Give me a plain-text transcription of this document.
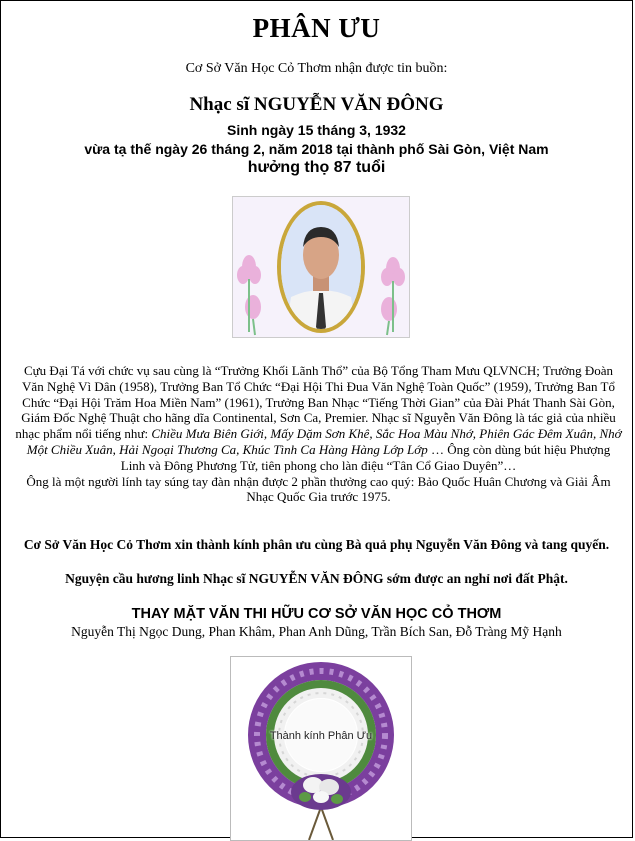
PHÂN ƯU
Cơ Sở Văn Học Cỏ Thơm nhận được tin buồn:
Nhạc sĩ NGUYỄN VĂN ĐÔNG
Sinh ngày 15 tháng 3, 1932
vừa tạ thế ngày 26 tháng 2, năm 2018 tại thành phố Sài Gòn, Việt Nam
hưởng thọ 87 tuổi
Cựu Đại Tá với chức vụ sau cùng là “Trưởng Khối Lãnh Thổ” của Bộ Tổng Tham Mưu QLVNCH; Trưởng Đoàn Văn Nghệ Vì Dân (1958), Trưởng Ban Tổ Chức “Đại Hội Thi Đua Văn Nghệ Toàn Quốc” (1959), Trưởng Ban Tổ Chức “Đại Hội Trăm Hoa Miền Nam” (1961), Trưởng Ban Nhạc “Tiếng Thời Gian” của Đài Phát Thanh Sài Gòn, Giám Đốc Nghệ Thuật cho hãng dĩa Continental, Sơn Ca, Premier. Nhạc sĩ Nguyễn Văn Đông là tác giả của nhiều nhạc phẩm nổi tiếng như: Chiều Mưa Biên Giới, Mấy Dặm Sơn Khê, Sắc Hoa Màu Nhớ, Phiên Gác Đêm Xuân, Nhớ Một Chiều Xuân, Hải Ngoại Thương Ca, Khúc Tình Ca Hàng Hàng Lớp Lớp … Ông còn dùng bút hiệu Phượng Linh và Đông Phương Tử, tiên phong cho làn điệu “Tân Cổ Giao Duyên”…
Ông là một người lính tay súng tay đàn nhận được 2 phần thưởng cao quý: Bảo Quốc Huân Chương và Giải Âm Nhạc Quốc Gia trước 1975.
Cơ Sở Văn Học Cỏ Thơm xin thành kính phân ưu cùng Bà quả phụ Nguyễn Văn Đông và tang quyến.
Nguyện cầu hương linh Nhạc sĩ NGUYỄN VĂN ĐÔNG sớm được an nghỉ nơi đất Phật.
THAY MẶT VĂN THI HỮU CƠ SỞ VĂN HỌC CỎ THƠM
Nguyễn Thị Ngọc Dung, Phan Khâm, Phan Anh Dũng, Trần Bích San, Đỗ Tràng Mỹ Hạnh
Thành kính Phân Ưu
